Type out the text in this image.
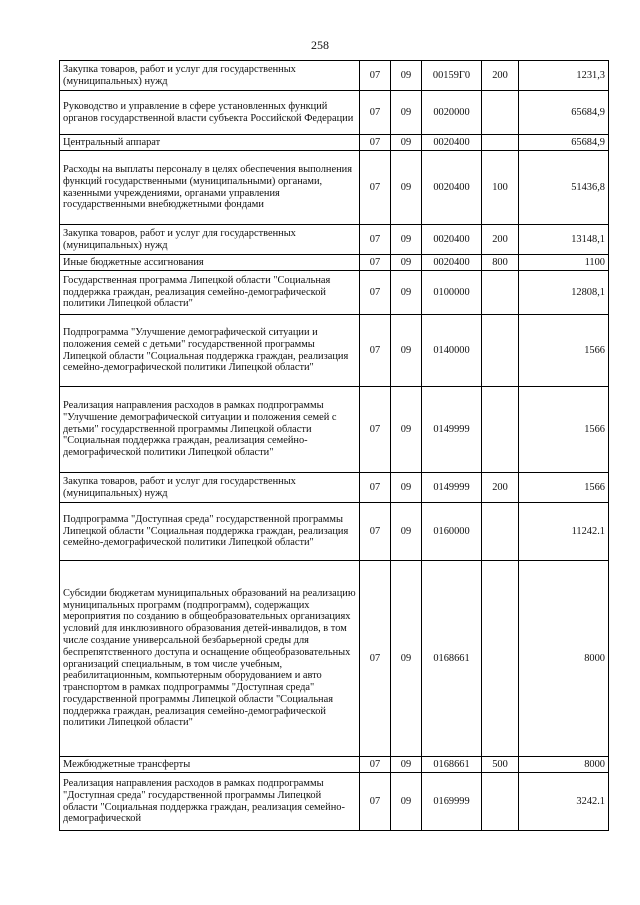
258
Закупка товаров, работ и услуг для государственных (муниципальных) нужд	07	09	00159Г0	200	1231,3
Руководство и управление в сфере установленных функций органов государственной власти субъекта Российской Федерации	07	09	0020000		65684,9
Центральный аппарат	07	09	0020400		65684,9
Расходы на выплаты персоналу в целях обеспечения выполнения функций государственными (муниципальными) органами, казенными учреждениями, органами управления государственными внебюджетными фондами	07	09	0020400	100	51436,8
Закупка товаров, работ и услуг для государственных (муниципальных) нужд	07	09	0020400	200	13148,1
Иные бюджетные ассигнования	07	09	0020400	800	1100
Государственная программа Липецкой области "Социальная поддержка граждан, реализация семейно-демографической политики Липецкой области"	07	09	0100000		12808,1
Подпрограмма "Улучшение демографической ситуации и положения семей с детьми" государственной программы Липецкой области "Социальная поддержка граждан, реализация семейно-демографической политики Липецкой области"	07	09	0140000		1566
Реализация направления расходов в рамках подпрограммы "Улучшение демографической ситуации и положения семей с детьми" государственной программы Липецкой области "Социальная поддержка граждан, реализация семейно-демографической политики Липецкой области"	07	09	0149999		1566
Закупка товаров, работ и услуг для государственных (муниципальных) нужд	07	09	0149999	200	1566
Подпрограмма "Доступная среда" государственной программы Липецкой области "Социальная поддержка граждан, реализация семейно-демографической политики Липецкой области"	07	09	0160000		11242.1
Субсидии бюджетам муниципальных образований на реализацию муниципальных программ (подпрограмм), содержащих мероприятия по созданию в общеобразовательных организациях условий для инклюзивного образования детей-инвалидов, в том числе создание универсальной безбарьерной среды для беспрепятственного доступа и оснащение общеобразовательных организаций специальным, в том числе учебным, реабилитационным, компьютерным оборудованием и авто транспортом в рамках подпрограммы "Доступная среда" государственной программы Липецкой области "Социальная поддержка граждан, реализация семейно-демографической политики Липецкой области"	07	09	0168661		8000
Межбюджетные трансферты	07	09	0168661	500	8000
Реализация направления расходов в рамках подпрограммы "Доступная среда" государственной программы Липецкой области "Социальная поддержка граждан, реализация семейно-демографической	07	09	0169999		3242.1
